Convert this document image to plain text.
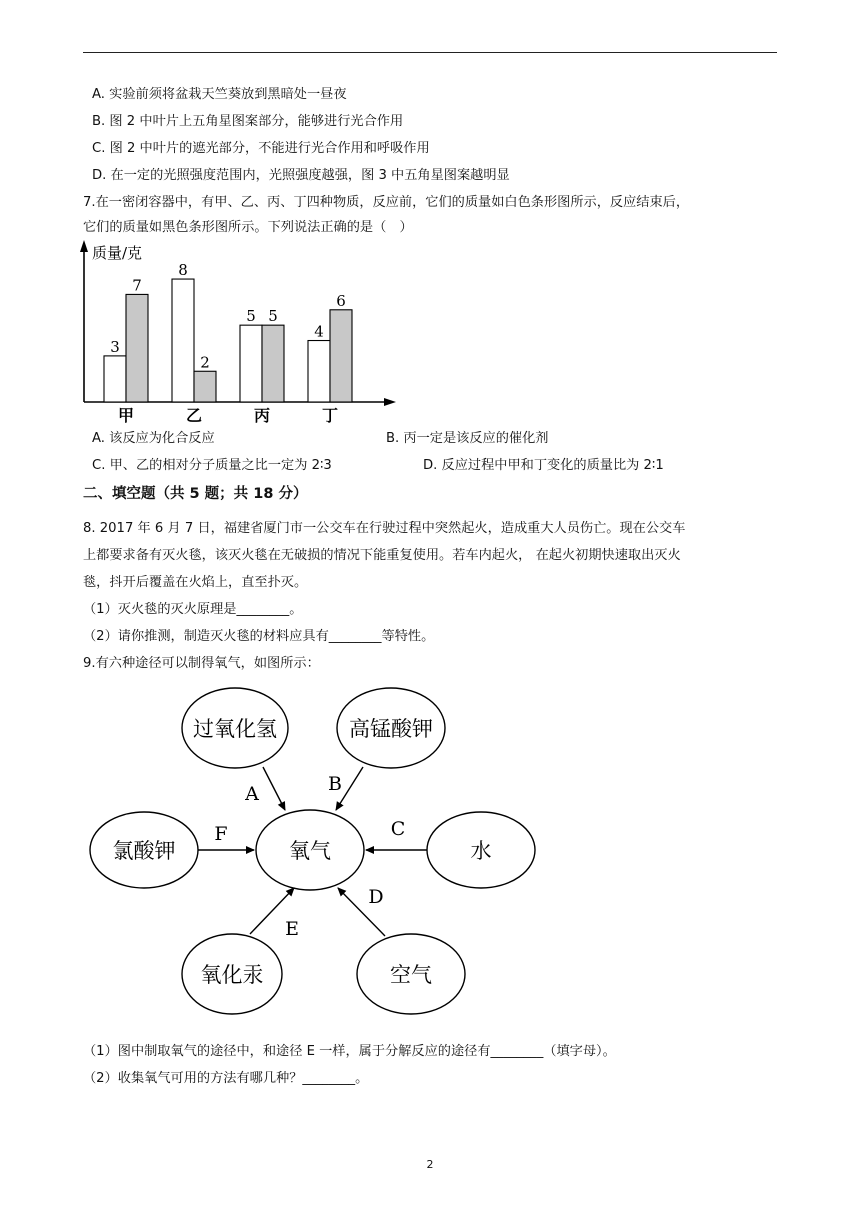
A. 实验前须将盆栽天竺葵放到黑暗处一昼夜
B. 图 2 中叶片上五角星图案部分，能够进行光合作用
C. 图 2 中叶片的遮光部分，不能进行光合作用和呼吸作用
D. 在一定的光照强度范围内，光照强度越强，图 3 中五角星图案越明显
7.在一密闭容器中，有甲、乙、丙、丁四种物质，反应前，它们的质量如白色条形图所示，反应结束后，
它们的质量如黑色条形图所示。下列说法正确的是（　）
质量/克
3
7
甲
8
2
乙
5 5
丙
4
6
丁
A. 该反应为化合反应	B. 丙一定是该反应的催化剂
C. 甲、乙的相对分子质量之比一定为 2∶3	D. 反应过程中甲和丁变化的质量比为 2∶1
二、填空题（共 5 题；共 18 分）
8. 2017 年 6 月 7 日，福建省厦门市一公交车在行驶过程中突然起火，造成重大人员伤亡。现在公交车
上都要求备有灭火毯，该灭火毯在无破损的情况下能重复使用。若车内起火， 在起火初期快速取出灭火
毯，抖开后覆盖在火焰上，直至扑灭。
（1）灭火毯的灭火原理是________。
（2）请你推测，制造灭火毯的材料应具有________等特性。
9.有六种途径可以制得氧气，如图所示：
氧气
过氧化氢	高锰酸钾
氯酸钾	水
氧化汞	空气
A	B
F	C
E
D
（1）图中制取氧气的途径中，和途径 E 一样，属于分解反应的途径有________（填字母）。
（2）收集氧气可用的方法有哪几种？________。
2
